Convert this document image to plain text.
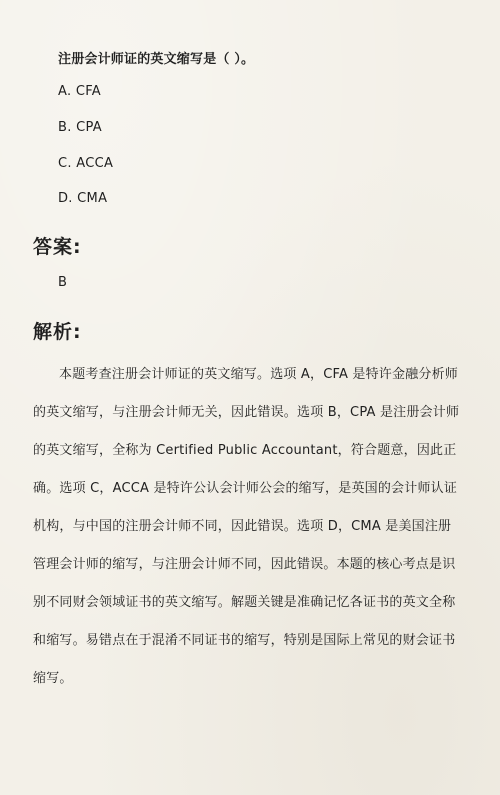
注册会计师证的英文缩写是（ ）。
A. CFA
B. CPA
C. ACCA
D. CMA
答案:
B
解析:

本题考查注册会计师证的英文缩写。选项 A，CFA 是特许金融分析师的英文缩写，与注册会计师无关，因此错误。选项 B，CPA 是注册会计师的英文缩写，全称为 Certified Public Accountant，符合题意，因此正确。选项 C，ACCA 是特许公认会计师公会的缩写，是英国的会计师认证机构，与中国的注册会计师不同，因此错误。选项 D，CMA 是美国注册管理会计师的缩写，与注册会计师不同，因此错误。本题的核心考点是识别不同财会领域证书的英文缩写。解题关键是准确记忆各证书的英文全称和缩写。易错点在于混淆不同证书的缩写，特别是国际上常见的财会证书缩写。
